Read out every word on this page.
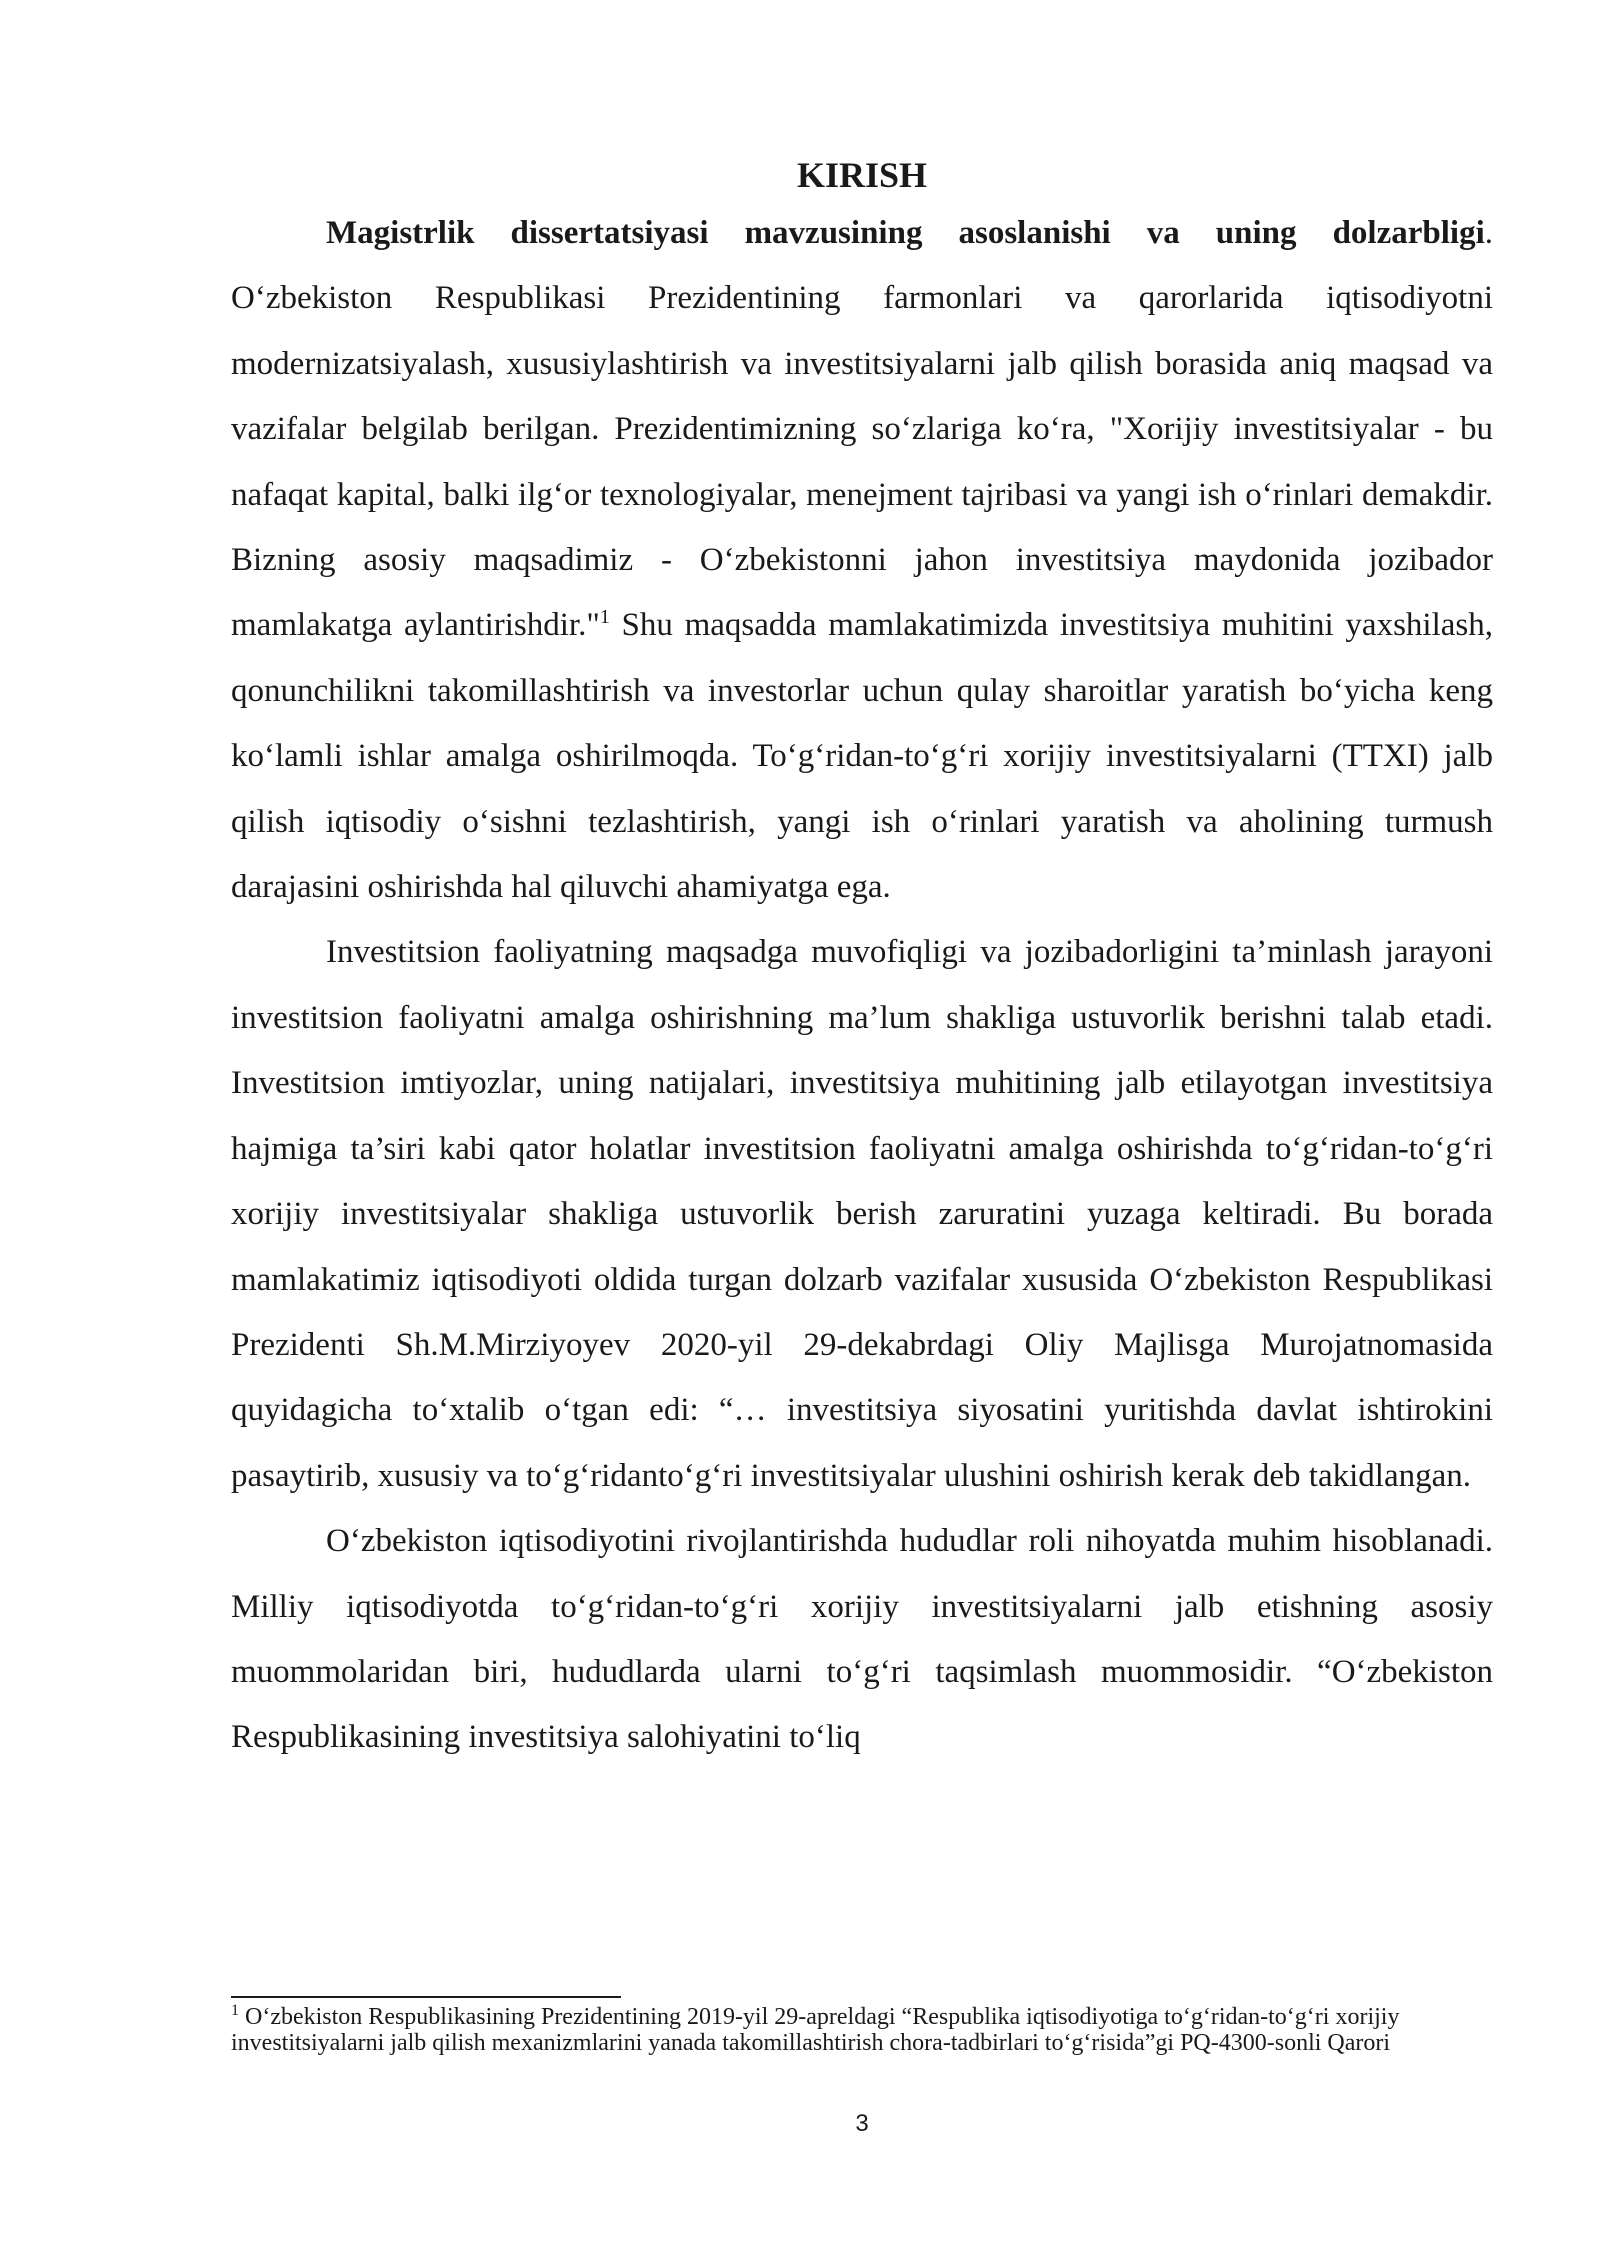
KIRISH

Magistrlik dissertatsiyasi mavzusining asoslanishi va uning dolzarbligi. O‘zbekiston Respublikasi Prezidentining farmonlari va qarorlarida iqtisodiyotni modernizatsiyalash, xususiylashtirish va investitsiyalarni jalb qilish borasida aniq maqsad va vazifalar belgilab berilgan. Prezidentimizning so‘zlariga ko‘ra, "Xorijiy investitsiyalar - bu nafaqat kapital, balki ilg‘or texnologiyalar, menejment tajribasi va yangi ish o‘rinlari demakdir. Bizning asosiy maqsadimiz - O‘zbekistonni jahon investitsiya maydonida jozibador mamlakatga aylantirishdir."$^1$ Shu maqsadda mamlakatimizda investitsiya muhitini yaxshilash, qonunchilikni takomillashtirish va investorlar uchun qulay sharoitlar yaratish bo‘yicha keng ko‘lamli ishlar amalga oshirilmoqda. To‘g‘ridan-to‘g‘ri xorijiy investitsiyalarni (TTXI) jalb qilish iqtisodiy o‘sishni tezlashtirish, yangi ish o‘rinlari yaratish va aholining turmush darajasini oshirishda hal qiluvchi ahamiyatga ega.

Investitsion faoliyatning maqsadga muvofiqligi va jozibadorligini ta’minlash jarayoni investitsion faoliyatni amalga oshirishning ma’lum shakliga ustuvorlik berishni talab etadi. Investitsion imtiyozlar, uning natijalari, investitsiya muhitining jalb etilayotgan investitsiya hajmiga ta’siri kabi qator holatlar investitsion faoliyatni amalga oshirishda to‘g‘ridan-to‘g‘ri xorijiy investitsiyalar shakliga ustuvorlik berish zaruratini yuzaga keltiradi. Bu borada mamlakatimiz iqtisodiyoti oldida turgan dolzarb vazifalar xususida O‘zbekiston Respublikasi Prezidenti Sh.M.Mirziyoyev 2020-yil 29-dekabrdagi Oliy Majlisga Murojatnomasida quyidagicha to‘xtalib o‘tgan edi: “… investitsiya siyosatini yuritishda davlat ishtirokini pasaytirib, xususiy va to‘g‘ridanto‘g‘ri investitsiyalar ulushini oshirish kerak deb takidlangan.

O‘zbekiston iqtisodiyotini rivojlantirishda hududlar roli nihoyatda muhim hisoblanadi. Milliy iqtisodiyotda to‘g‘ridan-to‘g‘ri xorijiy investitsiyalarni jalb etishning asosiy muommolaridan biri, hududlarda ularni to‘g‘ri taqsimlash muommosidir. “O‘zbekiston Respublikasining investitsiya salohiyatini to‘liq

$^1$ O‘zbekiston Respublikasining Prezidentining 2019-yil 29-apreldagi “Respublika iqtisodiyotiga to‘g‘ridan-to‘g‘ri xorijiy investitsiyalarni jalb qilish mexanizmlarini yanada takomillashtirish chora-tadbirlari to‘g‘risida”gi PQ-4300-sonli Qarori
3
